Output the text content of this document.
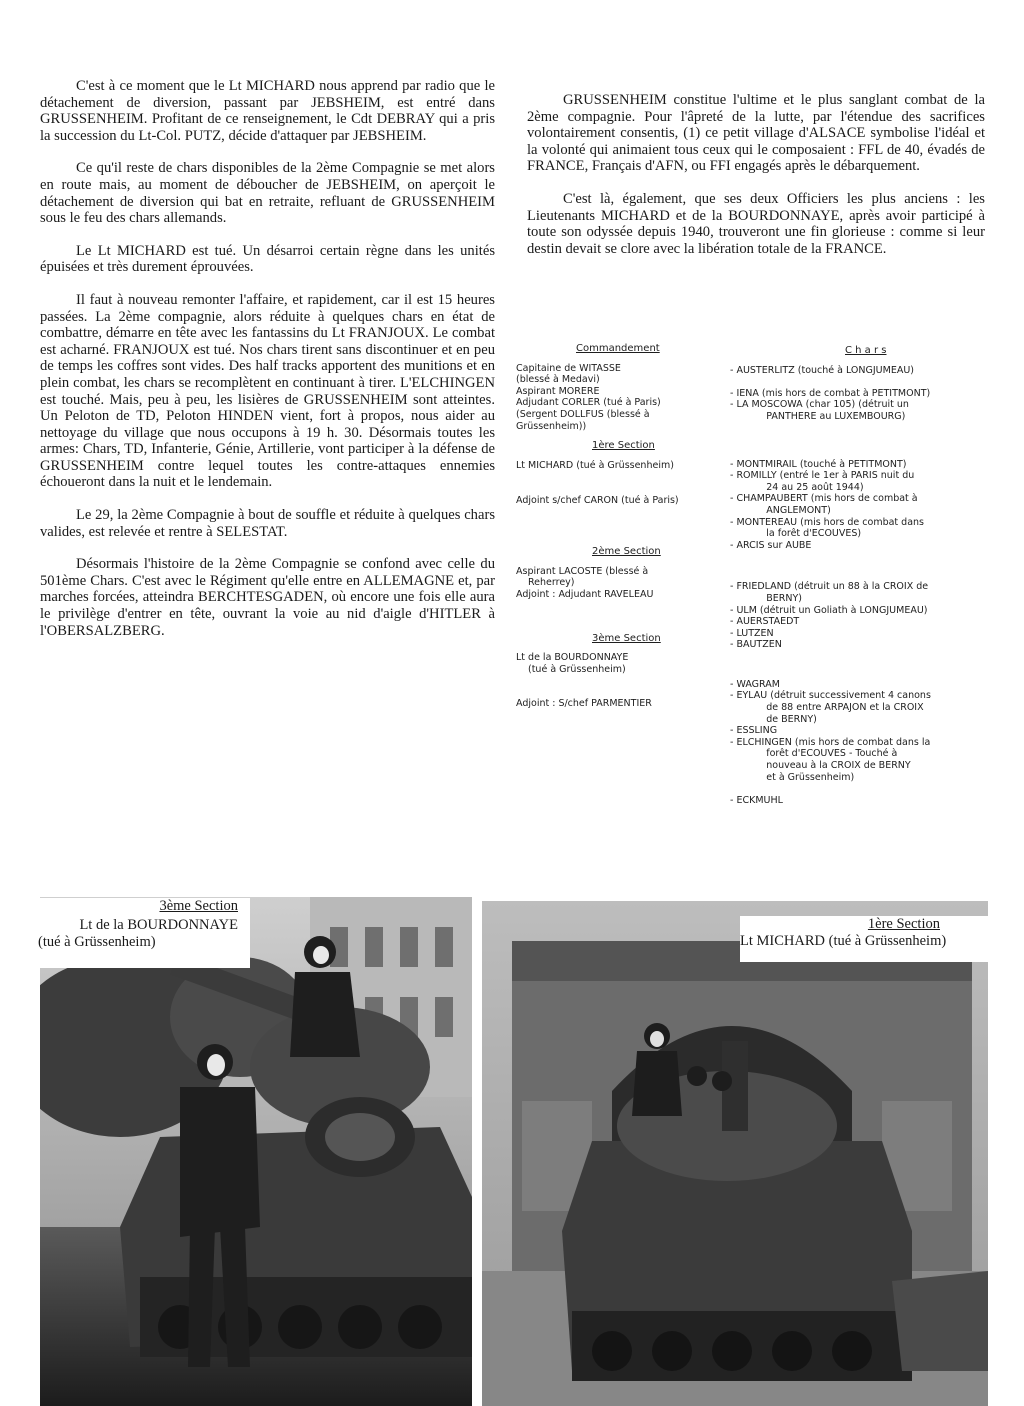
C'est à ce moment que le Lt MICHARD nous apprend par radio que le détachement de diversion, passant par JEBSHEIM, est entré dans GRUSSENHEIM. Profitant de ce renseignement, le Cdt DEBRAY qui a pris la succession du Lt-Col. PUTZ, décide d'attaquer par JEBSHEIM.

Ce qu'il reste de chars disponibles de la 2ème Compagnie se met alors en route mais, au moment de déboucher de JEBSHEIM, on aperçoit le détachement de diversion qui bat en retraite, refluant de GRUSSENHEIM sous le feu des chars allemands.

Le Lt MICHARD est tué. Un désarroi certain règne dans les unités épuisées et très durement éprouvées.

Il faut à nouveau remonter l'affaire, et rapidement, car il est 15 heures passées. La 2ème compagnie, alors réduite à quelques chars en état de combattre, démarre en tête avec les fantassins du Lt FRANJOUX. Le combat est acharné. FRANJOUX est tué. Nos chars tirent sans discontinuer et en peu de temps les coffres sont vides. Des half tracks apportent des munitions et en plein combat, les chars se recomplètent en continuant à tirer. L'ELCHINGEN est touché. Mais, peu à peu, les lisières de GRUSSENHEIM sont atteintes. Un Peloton de TD, Peloton HINDEN vient, fort à propos, nous aider au nettoyage du village que nous occupons à 19 h. 30. Désormais toutes les armes: Chars, TD, Infanterie, Génie, Artillerie, vont participer à la défense de GRUSSENHEIM contre lequel toutes les contre-attaques ennemies échoueront dans la nuit et le lendemain.

Le 29, la 2ème Compagnie à bout de souffle et réduite à quelques chars valides, est relevée et rentre à SELESTAT.

Désormais l'histoire de la 2ème Compagnie se confond avec celle du 501ème Chars. C'est avec le Régiment qu'elle entre en ALLEMAGNE et, par marches forcées, atteindra BERCHTESGADEN, où encore une fois elle aura le privilège d'entrer en tête, ouvrant la voie au nid d'aigle d'HITLER à l'OBERSALZBERG.

GRUSSENHEIM constitue l'ultime et le plus sanglant combat de la 2ème compagnie. Pour l'âpreté de la lutte, par l'étendue des sacrifices volontairement consentis, (1) ce petit village d'ALSACE symbolise l'idéal et la volonté qui animaient tous ceux qui le composaient : FFL de 40, évadés de FRANCE, Français d'AFN, ou FFI engagés après le débarquement.

C'est là, également, que ses deux Officiers les plus anciens : les Lieutenants MICHARD et de la BOURDONNAYE, après avoir participé à toute son odyssée depuis 1940, trouveront une fin glorieuse : comme si leur destin devait se clore avec la libération totale de la FRANCE.

Commandement
Capitaine de WITASSE
(blessé à Medavi)
Aspirant MORERE
Adjudant CORLER (tué à Paris)
(Sergent DOLLFUS (blessé à
Grüssenheim))
1ère Section
Lt MICHARD (tué à Grüssenheim)
Adjoint s/chef CARON (tué à Paris)
2ème Section
Aspirant LACOSTE (blessé à
Reherrey)
Adjoint : Adjudant RAVELEAU
3ème Section
Lt de la BOURDONNAYE
(tué à Grüssenheim)
Adjoint : S/chef PARMENTIER
C h a r s
- AUSTERLITZ (touché à LONGJUMEAU)
- IENA (mis hors de combat à PETITMONT)
- LA MOSCOWA (char 105) (détruit un
PANTHERE au LUXEMBOURG)
- MONTMIRAIL (touché à PETITMONT)
- ROMILLY (entré le 1er à PARIS nuit du
24 au 25 août 1944)
- CHAMPAUBERT (mis hors de combat à
ANGLEMONT)
- MONTEREAU (mis hors de combat dans
la forêt d'ECOUVES)
- ARCIS sur AUBE
- FRIEDLAND (détruit un 88 à la CROIX de
BERNY)
- ULM (détruit un Goliath à LONGJUMEAU)
- AUERSTAEDT
- LUTZEN
- BAUTZEN
- WAGRAM
- EYLAU (détruit successivement 4 canons
de 88 entre ARPAJON et la CROIX
de BERNY)
- ESSLING
- ELCHINGEN (mis hors de combat dans la
forêt d'ECOUVES - Touché à
nouveau à la CROIX de BERNY
et à Grüssenheim)
- ECKMUHL
3ème Section
Lt de la BOURDONNAYE
(tué à Grüssenheim)
1ère Section
Lt MICHARD (tué à Grüssenheim)
